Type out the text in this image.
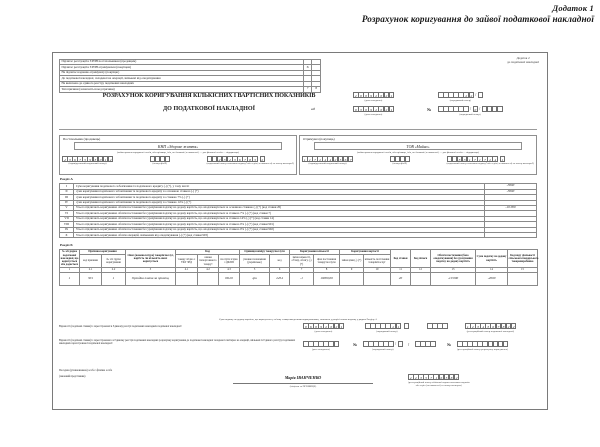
Додаток 1
Розрахунок коригування до зайвої податкової накладної
Додаток 2
до податкової накладної
Підлягає реєстрації в ЄРПН постачальником (продавцем)		
Підлягає реєстрації в ЄРПН отримувачем (покупцем)	X	
Не підлягає наданню отримувачу (покупцю)		
До податкової накладної, складеної на операції, звільнені від оподаткування		
Не включено до єдиного реєстру податкових накладних		
Тип причини (зазначається код причини)	7	8
РОЗРАХУНОК КОРИГУВАННЯ КІЛЬКІСНИХ І ВАРТІСНИХ ПОКАЗНИКІВ
ДО ПОДАТКОВОЇ НАКЛАДНОЇ	від
2 0 0 9 2 0 2 1
(дата складання)
2 2 /
(порядковий номер)
0 3 0 9 2 0 2 1
(дата складання)
№	/ 0 /
(порядковий номер)
Постачальник (продавець)
КНП «Здорове життя»
(найменування юридичної особи, або прізвище, ім'я, по батькові (за наявності) — для фізичної особи — підприємця)
4 3 6 7 5 9 3 0 1 2
(індивідуальний податковий номер)	(номер філії¹)
2 3 4 3 6 7 8 5	2
(податковий номер платника податку² або серія (за наявності) та номер паспорта³)
Отримувач (покупець)
ТОВ «Майно»
(найменування юридичної особи, або прізвище, ім'я, по батькові (за наявності) — для фізичної особи — підприємця)
1 1 7 2 4 4 2 5 6 7
(індивідуальний податковий номер)	(номер філії¹)
3 3 1 7 1 7 2 4	1
(податковий номер платника податку² або серія (за наявності) та номер паспорта³)
Розділ А
I	Сума коригування податкового зобов'язання та податкового кредиту (-) (+), у тому числі:	-3000
II	сума коригування податкового зобов'язання та податкового кредиту за основною ставкою (-) (+)	-3000
III	сума коригування податкового зобов'язання та податкового кредиту за ставкою 7% (-) (+)	
IV	сума коригування податкового зобов'язання та податкового кредиту за ставкою 14% (-) (+)	
V	Усього підлягають коригуванню обсяги постачання без урахування податку на додану вартість, що оподатковуються за основною ставкою (-) (+) (код ставки 20)	-10 000
VI	Усього підлягають коригуванню обсяги постачання без урахування податку на додану вартість, що оподатковуються за ставкою 7% (-) (+) (код ставки 7)	
VII	Усього підлягають коригуванню обсяги постачання без урахування податку на додану вартість, що оподатковуються за ставкою 14% (-) (+) (код ставки 14)	
VIII	Усього підлягають коригуванню обсяги постачання без урахування податку на додану вартість, що оподатковуються за ставкою 0% (-) (+) (код ставки 901)	
IX	Усього підлягають коригуванню обсяги постачання без урахування податку на додану вартість, що оподатковуються за ставкою 0% (-) (+) (код ставки 902)	
X	Усього підлягають коригуванню обсяги операцій, звільнених від оподаткування (-) (+) (код ставки 903)	
Розділ Б
№ з/п рядка податкової накладної, що коригується або додається	Причина коригування		Опис (номенклатура) товарів/послуг, вартість чи кількість яких коригується	Код			Одиниця виміру товару/послуги		Коригування кількості		Коригування вартості		Код ставки	Код пільги	Обсяги постачання (база оподаткування) без урахування податку на додану вартість	Сума податку на додану вартість	Код виду діяльності сільськогосподарського товаровиробника
	код причини	№ з/п групи коригування		товару згідно з УКТ ЗЕД	ознака імпортованого товару⁴	послуги згідно з ДКПП	умовне позначення (українське)	код	зміна кількості, об'єму, обсягу (-) (+)	ціна постачання товару/послуги	зміна ціни (-) (+)	кількість постачання товарів/послуг					

1	2.1	2.2	3	4.1	4.2	4.3	5	6	7	8	9	10	11	12	13	14	15
1	301	1	Орендна плата за приміщ.			68.20	грн	2454	-1	10000,00			20		-10 000	-2000	
Сума податку на додану вартість, що коригується у зв'язку з вищенаведеними коригуваннями, зазначена у розрізі ставок податку у рядках Розділу А
Відомості (податкові ставки) із зареєстрованої в Єдиному реєстрі податкових накладних податкової накладної⁵	0 6 0 9 2 0 2 1
(дата складання)
2 1
(порядковий номер)
1 2 3 4 3 6 7 8 2 2
(реєстраційний номер податкової накладної)
Відомості (податкові ставки) із зареєстрованого в Єдиному реєстрі податкових накладних розрахунку коригування до податкової накладної складеної санітарно на операції, звільнені із Єдиного реєстру податкових накладних зареєстрованої податкової накладної⁵
(дата складання)
№	/
(порядковий номер)
/	№
(реєстраційний номер розрахунку коригування)
Посадова (уповноважена) особа / фізична особа
(законний представник)	Марія ІВАНЧЕНКО
(ініціали та ПРІЗВИЩЕ)
2 2 3 5 7 1 6 5 8 2
(реєстраційний номер облікової картки платника податків
або серія (за наявності) та номер паспорта)
